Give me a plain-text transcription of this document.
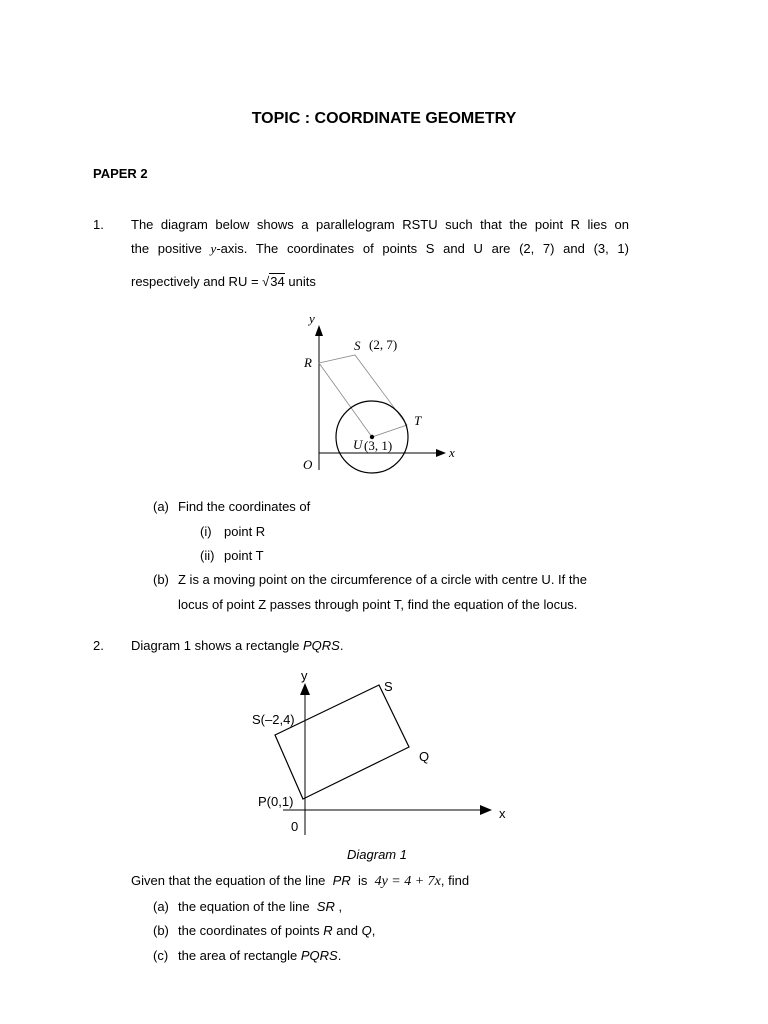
TOPIC : COORDINATE GEOMETRY
PAPER 2
1. The diagram below shows a parallelogram RSTU such that the point R lies on
the positive y-axis. The coordinates of points S and U are (2, 7) and (3, 1)
respectively and RU = √34 units
y
x
O
R
S (2, 7)
T
U (3, 1)
(a) Find the coordinates of
(i) point R
(ii) point T
(b) Z is a moving point on the circumference of a circle with centre U. If the
locus of point Z passes through point T, find the equation of the locus.
2. Diagram 1 shows a rectangle PQRS.
y
x
0
S
S(–2,4)
Q
P(0,1)
Diagram 1
Given that the equation of the line PR is 4y = 4 + 7x, find
(a) the equation of the line SR ,
(b) the coordinates of points R and Q,
(c) the area of rectangle PQRS.
